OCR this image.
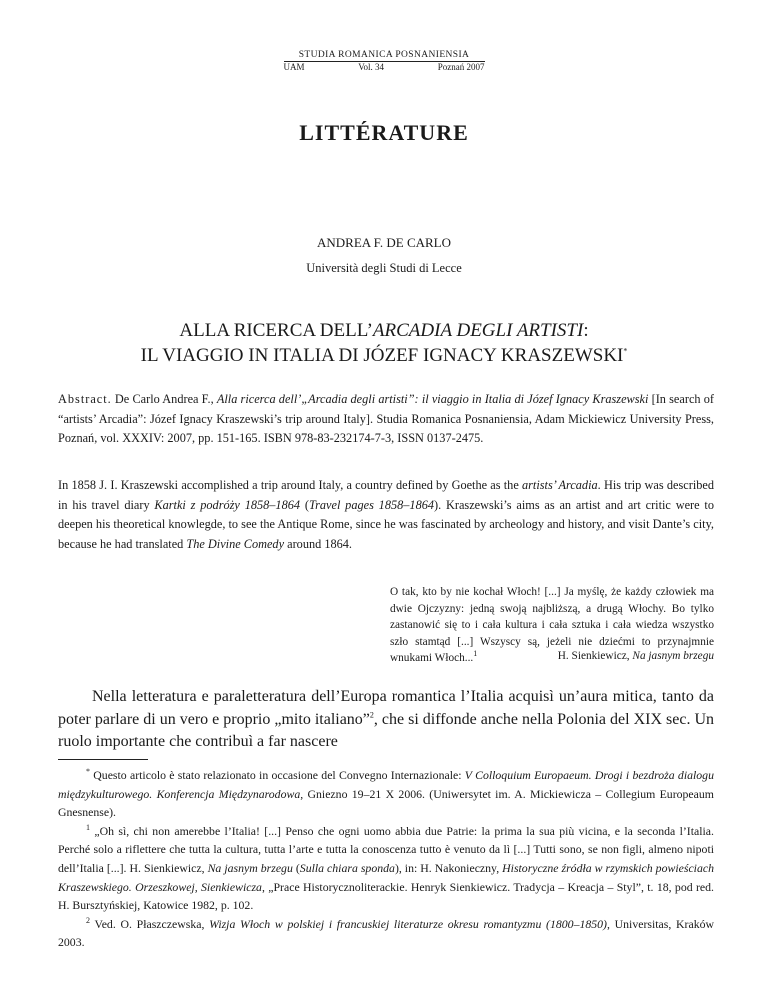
STUDIA ROMANICA POSNANIENSIA
UAM	Vol. 34	Poznań 2007
LITTÉRATURE
ANDREA F. DE CARLO
Università degli Studi di Lecce
ALLA RICERCA DELL’ARCADIA DEGLI ARTISTI:
IL VIAGGIO IN ITALIA DI JÓZEF IGNACY KRASZEWSKI*
Abstract. De Carlo Andrea F., Alla ricerca dell’„Arcadia degli artisti”: il viaggio in Italia di Józef Ignacy Kraszewski [In search of “artists’ Arcadia”: Józef Ignacy Kraszewski’s trip around Italy]. Studia Romanica Posnaniensia, Adam Mickiewicz University Press, Poznań, vol. XXXIV: 2007, pp. 151-165. ISBN 978-83-232174-7-3, ISSN 0137-2475.
In 1858 J. I. Kraszewski accomplished a trip around Italy, a country defined by Goethe as the artists’ Arcadia. His trip was described in his travel diary Kartki z podróży 1858–1864 (Travel pages 1858–1864). Kraszewski’s aims as an artist and art critic were to deepen his theoretical knowlegde, to see the Antique Rome, since he was fascinated by archeology and history, and visit Dante’s city, because he had translated The Divine Comedy around 1864.
O tak, kto by nie kochał Włoch! [...] Ja myślę, że każdy człowiek ma dwie Ojczyzny: jedną swoją najbliższą, a drugą Włochy. Bo tylko zastanowić się to i cała kultura i cała sztuka i cała wiedza wszystko szło stamtąd [...] Wszyscy są, jeżeli nie dziećmi to przynajmnie wnukami Włoch...$^1$	H. Sienkiewicz, Na jasnym brzegu
Nella letteratura e paraletteratura dell’Europa romantica l’Italia acquisì un’aura mitica, tanto da poter parlare di un vero e proprio „mito italiano”$^2$, che si diffonde anche nella Polonia del XIX sec. Un ruolo importante che contribuì a far nascere

* Questo articolo è stato relazionato in occasione del Convegno Internazionale: V Colloquium Europaeum. Drogi i bezdroża dialogu międzykulturowego. Konferencja Międzynarodowa, Gniezno 19–21 X 2006. (Uniwersytet im. A. Mickiewicza – Collegium Europeaum Gnesnense).

$^1$ „Oh sì, chi non amerebbe l’Italia! [...] Penso che ogni uomo abbia due Patrie: la prima la sua più vicina, e la seconda l’Italia. Perché solo a riflettere che tutta la cultura, tutta l’arte e tutta la conoscenza tutto è venuto da lì [...] Tutti sono, se non figli, almeno nipoti dell’Italia [...]. H. Sienkiewicz, Na jasnym brzegu (Sulla chiara sponda), in: H. Nakonieczny, Historyczne źródła w rzymskich powieściach Kraszewskiego. Orzeszkowej, Sienkiewicza, „Prace Historycznoliterackie. Henryk Sienkiewicz. Tradycja – Kreacja – Styl”, t. 18, pod red. H. Bursztyńskiej, Katowice 1982, p. 102.

$^2$ Ved. O. Płaszczewska, Wizja Włoch w polskiej i francuskiej literaturze okresu romantyzmu (1800–1850), Universitas, Kraków 2003.
